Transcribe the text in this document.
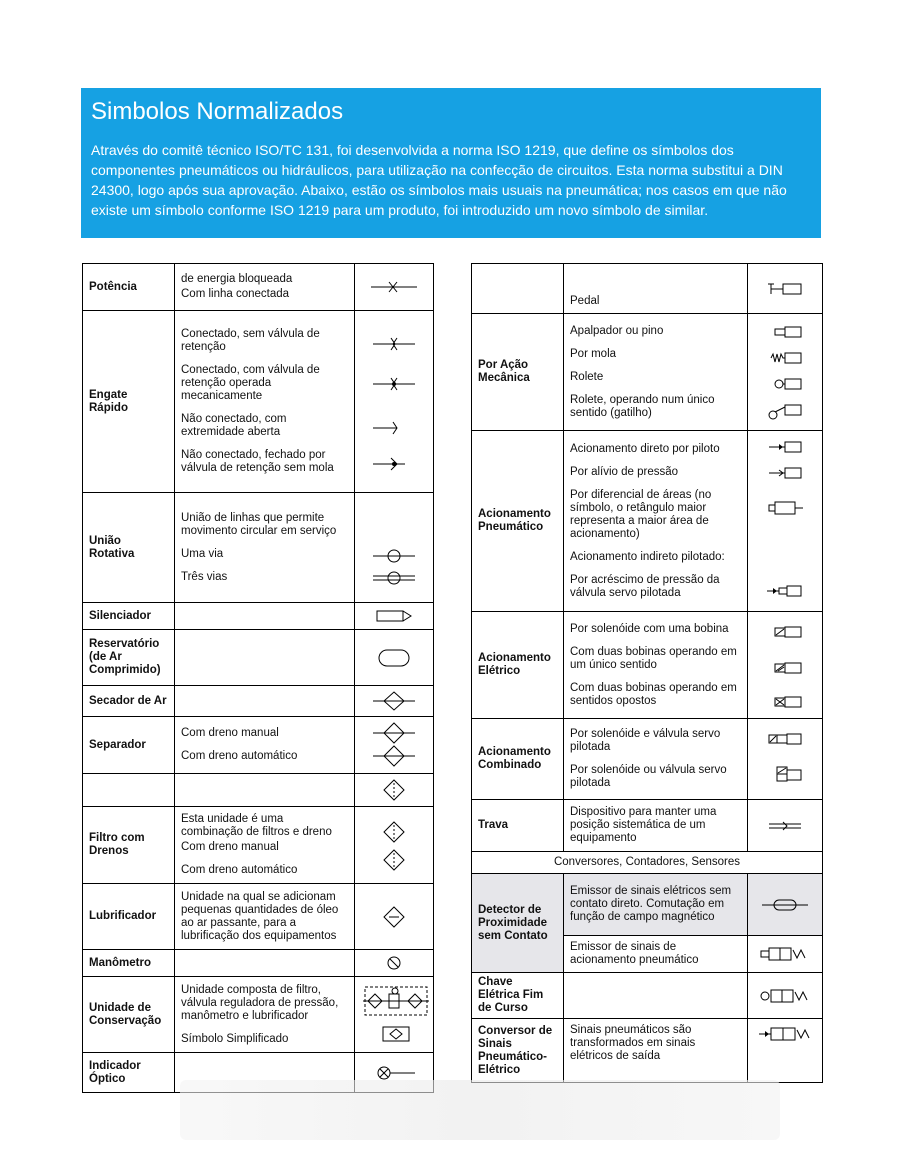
Simbolos Normalizados

Através do comitê técnico ISO/TC 131, foi desenvolvida a norma ISO 1219, que define os símbolos dos componentes pneumáticos ou hidráulicos, para utilização na confecção de circuitos. Esta norma substitui a DIN 24300, logo após sua aprovação. Abaixo, estão os símbolos mais usuais na pneumática; nos casos em que não existe um símbolo conforme ISO 1219 para um produto, foi introduzido um novo símbolo de similar.

Potência	de energia bloqueada
Com linha conectada

Engate Rápido	Conectado, sem válvula de retenção
Conectado, com válvula de retenção operada mecanicamente
Não conectado, com extremidade aberta
Não conectado, fechado por válvula de retenção sem mola

União Rotativa	União de linhas que permite movimento circular em serviço
Uma via
Três vias

Silenciador		

Reservatório (de Ar Comprimido)		

Secador de Ar		

Separador	Com dreno manual
Com dreno automático

Filtro com Drenos	Esta unidade é uma combinação de filtros e dreno
Com dreno manual
Com dreno automático

Lubrificador	Unidade na qual se adicionam pequenas quantidades de óleo ao ar passante, para a lubrificação dos equipamentos

Manômetro		

Unidade de Conservação	Unidade composta de filtro, válvula reguladora de pressão, manômetro e lubrificador
Símbolo Simplificado

Indicador Óptico		

	Pedal

Por Ação Mecânica	Apalpador ou pino
Por mola
Rolete
Rolete, operando num único sentido (gatilho)

Acionamento Pneumático	Acionamento direto por piloto
Por alívio de pressão
Por diferencial de áreas (no símbolo, o retângulo maior representa a maior área de acionamento)
Acionamento indireto pilotado:
Por acréscimo de pressão da válvula servo pilotada

Acionamento Elétrico	Por solenóide com uma bobina
Com duas bobinas operando em um único sentido
Com duas bobinas operando em sentidos opostos

Acionamento Combinado	Por solenóide e válvula servo pilotada
Por solenóide ou válvula servo pilotada

Trava	Dispositivo para manter uma posição sistemática de um equipamento

Conversores, Contadores, Sensores		
Detector de Proximidade sem Contato	Emissor de sinais elétricos sem contato direto. Comutação em função de campo magnético

	Emissor de sinais de acionamento pneumático

Chave Elétrica Fim de Curso		

Conversor de Sinais Pneumático-Elétrico	Sinais pneumáticos são transformados em sinais elétricos de saída
